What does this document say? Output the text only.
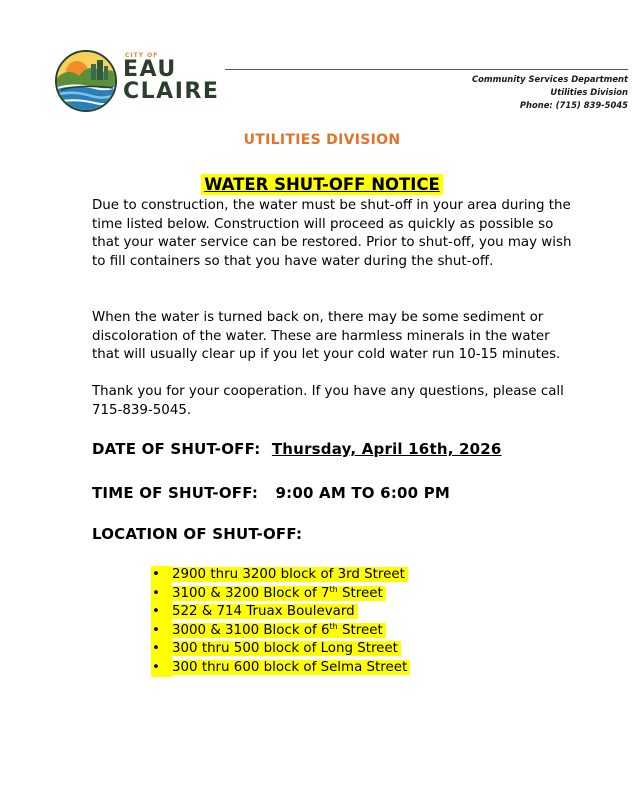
CITY OF
EAU
CLAIRE	Community Services Department
Utilities Division
Phone: (715) 839-5045
UTILITIES DIVISION
WATER SHUT-OFF NOTICE

Due to construction, the water must be shut-off in your area during the time listed below. Construction will proceed as quickly as possible so that your water service can be restored. Prior to shut-off, you may wish to fill containers so that you have water during the shut-off.

When the water is turned back on, there may be some sediment or discoloration of the water. These are harmless minerals in the water that will usually clear up if you let your cold water run 10-15 minutes.

Thank you for your cooperation. If you have any questions, please call 715-839-5045.

DATE OF SHUT-OFF: Thursday, April 16th, 2026
TIME OF SHUT-OFF: 9:00 AM TO 6:00 PM
LOCATION OF SHUT-OFF:
• 2900 thru 3200 block of 3rd Street
• 3100 & 3200 Block of 7th Street
• 522 & 714 Truax Boulevard
• 3000 & 3100 Block of 6th Street
• 300 thru 500 block of Long Street
• 300 thru 600 block of Selma Street
